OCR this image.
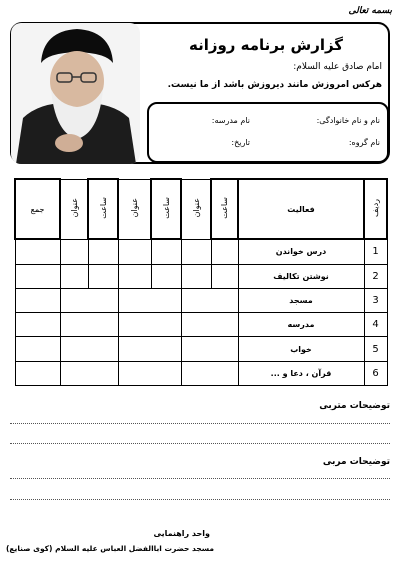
بسمه تعالی
گزارش برنامه روزانه
امام صادق علیه السلام:
هرکس امروزش مانند دیروزش باشد از ما نیست.
نام و نام خانوادگی:
نام مدرسه:
نام گروه:
تاریخ:
جمع	عنوان	ساعت	عنوان	ساعت	عنوان	ساعت	فعالیت	ردیف
							درس خواندن	1
							نوشتن تکالیف	2
							مسجد	3
							مدرسه	4
							خواب	5
							قرآن ، دعا و ...	6
توضیحات متربی
توضیحات مربی
واحد راهنمایی
مسجد حضرت اباالفضل العباس علیه السلام (کوی صنایع)
